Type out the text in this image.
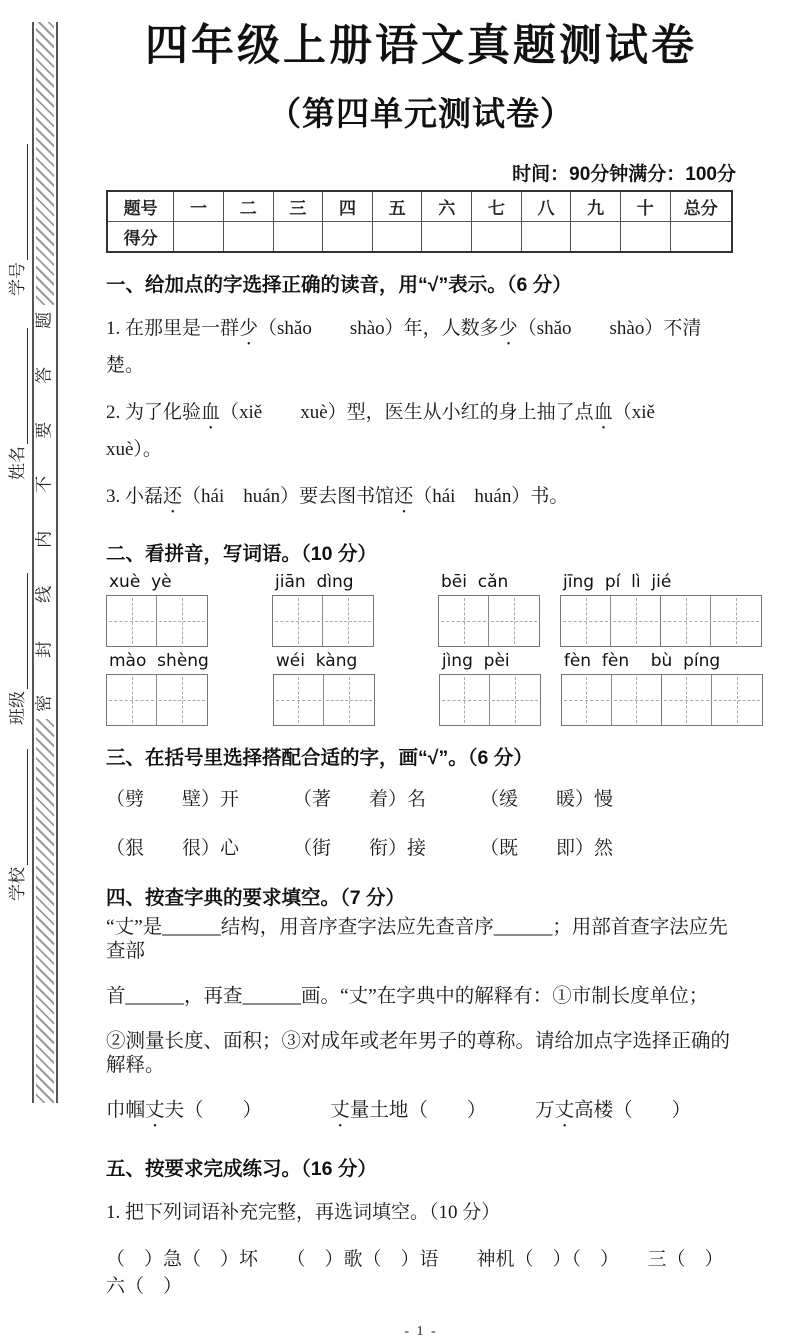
学号
姓名
班级
学校
题
答
要
不
内
线
封
密
四年级上册语文真题测试卷
（第四单元测试卷）
时间：90分钟满分：100分
题号	一	二	三	四	五	六	七	八	九	十	总分
得分											
一、给加点的字选择正确的读音，用“√”表示。（6 分）
1. 在那里是一群少（shǎo　　shào）年，人数多少（shǎo　　shào）不清楚。
2. 为了化验血（xiě　　xuè）型，医生从小红的身上抽了点血（xiě　　xuè）。
3. 小磊还（hái　huán）要去图书馆还（hái　huán）书。
二、看拼音，写词语。（10 分）
xuè  yè	jiān  dìng	bēi  cǎn	jīng  pí  lì  jié
mào  shèng	wéi  kàng	jìng  pèi	fèn  fèn    bù  píng
三、在括号里选择搭配合适的字，画“√”。（6 分）
（劈　　壁）开	（著　　着）名	（缓　　暖）慢
（狠　　很）心	（街　　衔）接	（既　　即）然
四、按查字典的要求填空。（7 分）
“丈”是______结构，用音序查字法应先查音序______；用部首查字法应先查部
首______，再查______画。“丈”在字典中的解释有：①市制长度单位；
②测量长度、面积；③对成年或老年男子的尊称。请给加点字选择正确的解释。
巾帼丈夫（　　）　　　　丈量土地（　　）　　　万丈高楼（　　）
五、按要求完成练习。（16 分）
1. 把下列词语补充完整，再选词填空。（10 分）
（　）急（　）坏　　（　）歌（　）语　　神机（　）（　）　　三（　）六（　）
- 1 -
